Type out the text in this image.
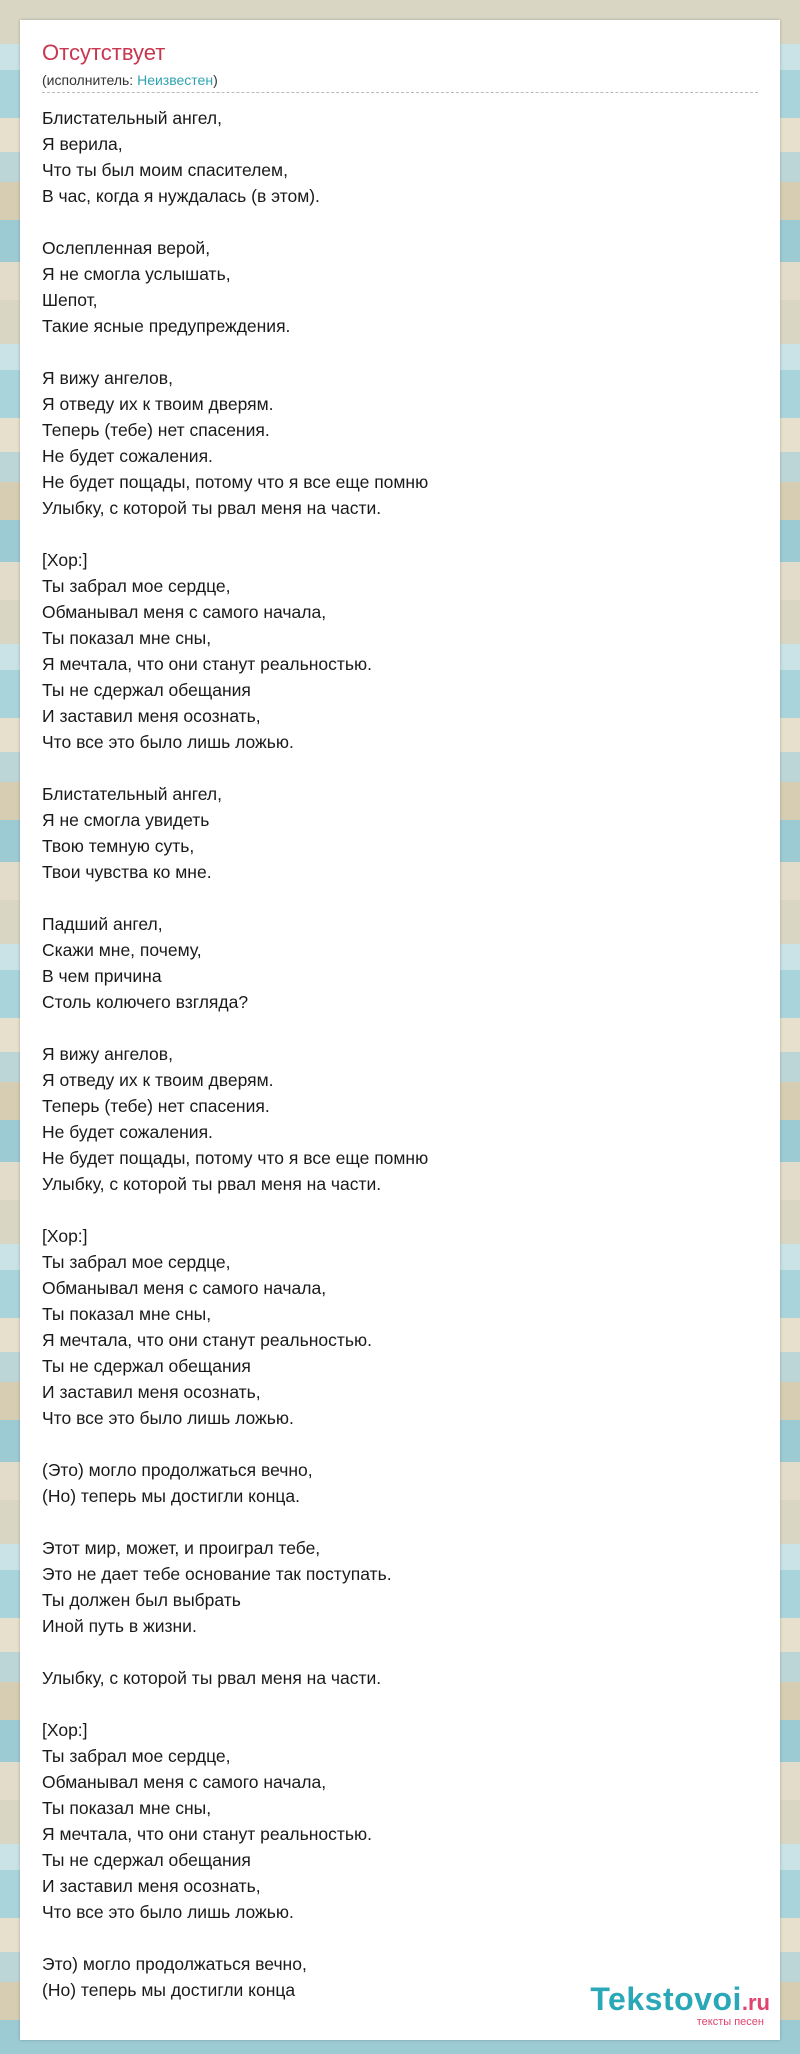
Отсутствует
(исполнитель: Неизвестен)
Блистательный ангел,
Я верила,
Что ты был моим спасителем,
В час, когда я нуждалась (в этом).
Ослепленная верой,
Я не смогла услышать,
Шепот,
Такие ясные предупреждения.
Я вижу ангелов,
Я отведу их к твоим дверям.
Теперь (тебе) нет спасения.
Не будет сожаления.
Не будет пощады, потому что я все еще помню
Улыбку, с которой ты рвал меня на части.
[Хор:]
Ты забрал мое сердце,
Обманывал меня с самого начала,
Ты показал мне сны,
Я мечтала, что они станут реальностью.
Ты не сдержал обещания
И заставил меня осознать,
Что все это было лишь ложью.
Блистательный ангел,
Я не смогла увидеть
Твою темную суть,
Твои чувства ко мне.
Падший ангел,
Скажи мне, почему,
В чем причина
Столь колючего взгляда?
Я вижу ангелов,
Я отведу их к твоим дверям.
Теперь (тебе) нет спасения.
Не будет сожаления.
Не будет пощады, потому что я все еще помню
Улыбку, с которой ты рвал меня на части.
[Хор:]
Ты забрал мое сердце,
Обманывал меня с самого начала,
Ты показал мне сны,
Я мечтала, что они станут реальностью.
Ты не сдержал обещания
И заставил меня осознать,
Что все это было лишь ложью.
(Это) могло продолжаться вечно,
(Но) теперь мы достигли конца.
Этот мир, может, и проиграл тебе,
Это не дает тебе основание так поступать.
Ты должен был выбрать
Иной путь в жизни.
Улыбку, с которой ты рвал меня на части.
[Хор:]
Ты забрал мое сердце,
Обманывал меня с самого начала,
Ты показал мне сны,
Я мечтала, что они станут реальностью.
Ты не сдержал обещания
И заставил меня осознать,
Что все это было лишь ложью.
Это) могло продолжаться вечно,
(Но) теперь мы достигли конца	Tekstovoi.ru
тексты песен
